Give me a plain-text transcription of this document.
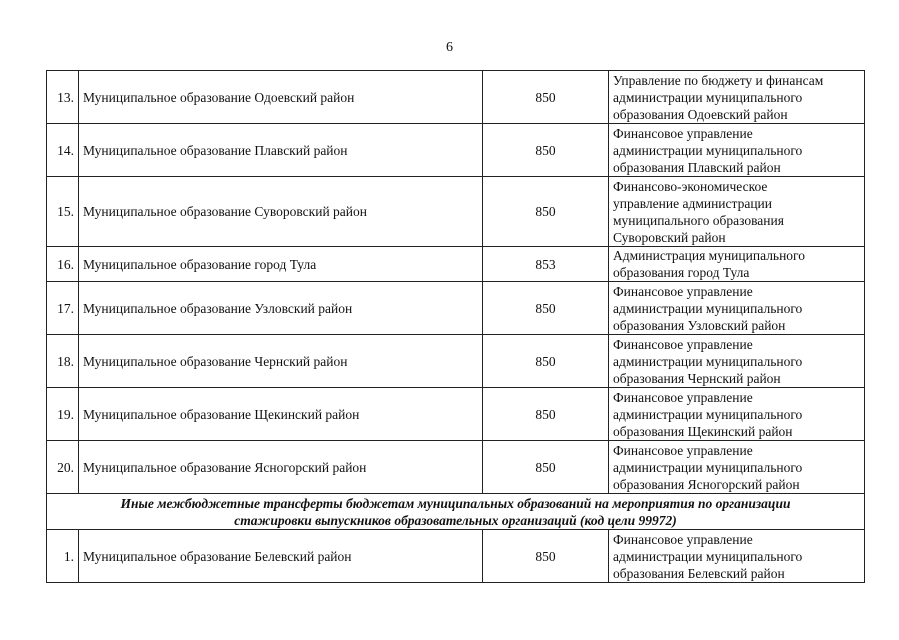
6
13.	Муниципальное образование Одоевский район	850	Управление по бюджету и финансам
администрации муниципального
образования Одоевский район

14.	Муниципальное образование Плавский район	850	Финансовое управление
администрации муниципального
образования Плавский район

15.	Муниципальное образование Суворовский район	850	Финансово-экономическое
управление администрации
муниципального образования
Суворовский район

16.	Муниципальное образование город Тула	853	Администрация муниципального
образования город Тула

17.	Муниципальное образование Узловский район	850	Финансовое управление
администрации муниципального
образования Узловский район

18.	Муниципальное образование Чернский район	850	Финансовое управление
администрации муниципального
образования Чернский район

19.	Муниципальное образование Щекинский район	850	Финансовое управление
администрации муниципального
образования Щекинский район

20.	Муниципальное образование Ясногорский район	850	Финансовое управление
администрации муниципального
образования Ясногорский район

Иные межбюджетные трансферты бюджетам муниципальных образований на мероприятия по организации
стажировки выпускников образовательных организаций (код цели 99972)			

1.	Муниципальное образование Белевский район	850	Финансовое управление
администрации муниципального
образования Белевский район
